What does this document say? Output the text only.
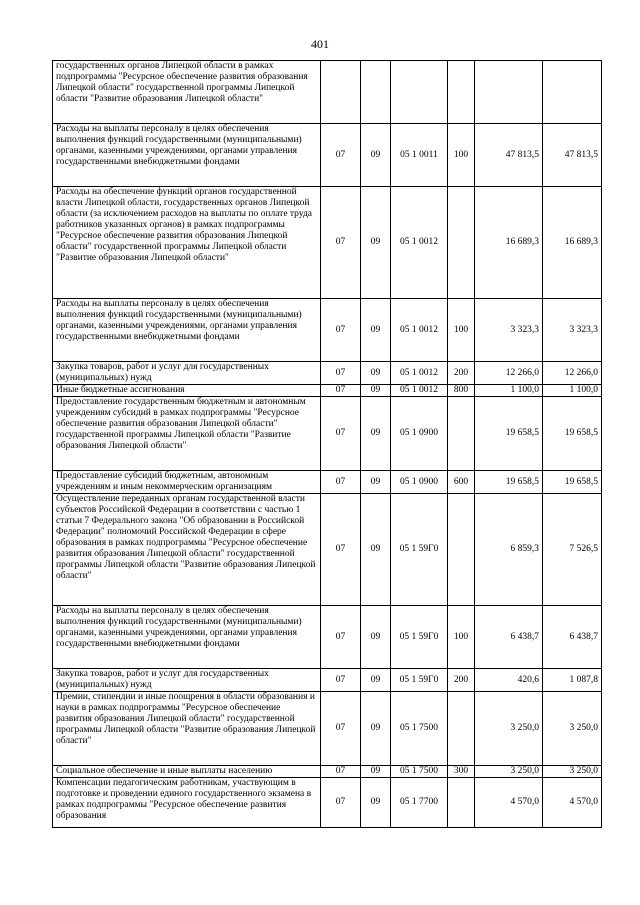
401
государственных органов Липецкой области в рамках подпрограммы "Ресурсное обеспечение развития образования Липецкой области" государственной программы Липецкой области "Развитие образования Липецкой области"						
Расходы на выплаты персоналу в целях обеспечения выполнения функций государственными (муниципальными) органами, казенными учреждениями, органами управления государственными внебюджетными фондами	07	09	05 1 0011	100	47 813,5	47 813,5
Расходы на обеспечение функций органов государственной власти Липецкой области, государственных органов Липецкой области (за исключением расходов на выплаты по оплате труда работников указанных органов) в рамках подпрограммы "Ресурсное обеспечение развития образования Липецкой области" государственной программы Липецкой области "Развитие образования Липецкой области"	07	09	05 1 0012		16 689,3	16 689,3
Расходы на выплаты персоналу в целях обеспечения выполнения функций государственными (муниципальными) органами, казенными учреждениями, органами управления государственными внебюджетными фондами	07	09	05 1 0012	100	3 323,3	3 323,3
Закупка товаров, работ и услуг для государственных (муниципальных) нужд	07	09	05 1 0012	200	12 266,0	12 266,0
Иные бюджетные ассигнования	07	09	05 1 0012	800	1 100,0	1 100,0
Предоставление государственным бюджетным и автономным учреждениям субсидий в рамках подпрограммы "Ресурсное обеспечение развития образования Липецкой области" государственной программы Липецкой области "Развитие образования Липецкой области"	07	09	05 1 0900		19 658,5	19 658,5
Предоставление субсидий бюджетным, автономным учреждениям и иным некоммерческим организациям	07	09	05 1 0900	600	19 658,5	19 658,5
Осуществление переданных органам государственной власти субъектов Российской Федерации в соответствии с частью 1 статьи 7 Федерального закона "Об образовании в Российской Федерации" полномочий Российской Федерации в сфере образования в рамках подпрограммы "Ресурсное обеспечение развития образования Липецкой области" государственной программы Липецкой области "Развитие образования Липецкой области"	07	09	05 1 59Г0		6 859,3	7 526,5
Расходы на выплаты персоналу в целях обеспечения выполнения функций государственными (муниципальными) органами, казенными учреждениями, органами управления государственными внебюджетными фондами	07	09	05 1 59Г0	100	6 438,7	6 438,7
Закупка товаров, работ и услуг для государственных (муниципальных) нужд	07	09	05 1 59Г0	200	420,6	1 087,8
Премии, стипендии и иные поощрения в области образования и науки в рамках подпрограммы "Ресурсное обеспечение развития образования Липецкой области" государственной программы Липецкой области "Развитие образования Липецкой области"	07	09	05 1 7500		3 250,0	3 250,0
Социальное обеспечение и иные выплаты населению	07	09	05 1 7500	300	3 250,0	3 250,0
Компенсации педагогическим работникам, участвующим в подготовке и проведении единого государственного экзамена в рамках подпрограммы "Ресурсное обеспечение развития образования	07	09	05 1 7700		4 570,0	4 570,0
